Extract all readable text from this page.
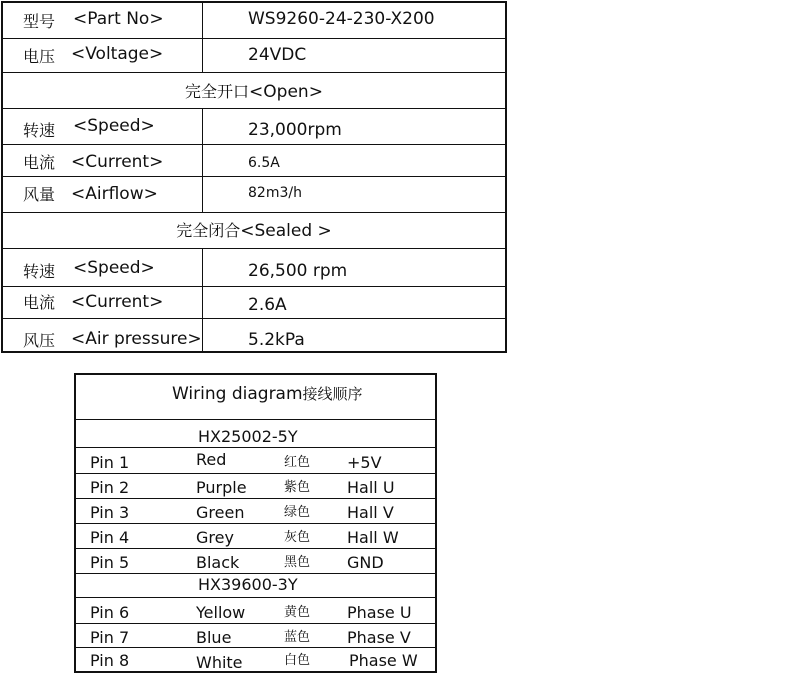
型号 <Part No>	WS9260-24-230-X200
电压 <Voltage>	24VDC
完全开口<Open>
转速 <Speed>	23,000rpm
电流 <Current>	6.5A
风量 <Airflow>	82m3/h
完全闭合<Sealed >
转速 <Speed>	26,500 rpm
电流 <Current>	2.6A
风压 <Air pressure>	5.2kPa
Wiring diagram接线顺序
HX25002-5Y
Pin 1	Red	红色 +5V
Pin 2	Purple	紫色 Hall U
Pin 3	Green	绿色 Hall V
Pin 4	Grey	灰色 Hall W
Pin 5	Black	黑色 GND
HX39600-3Y
Pin 6	Yellow	黄色 Phase U
Pin 7	Blue	蓝色 Phase V
Pin 8	White	白色 Phase W
